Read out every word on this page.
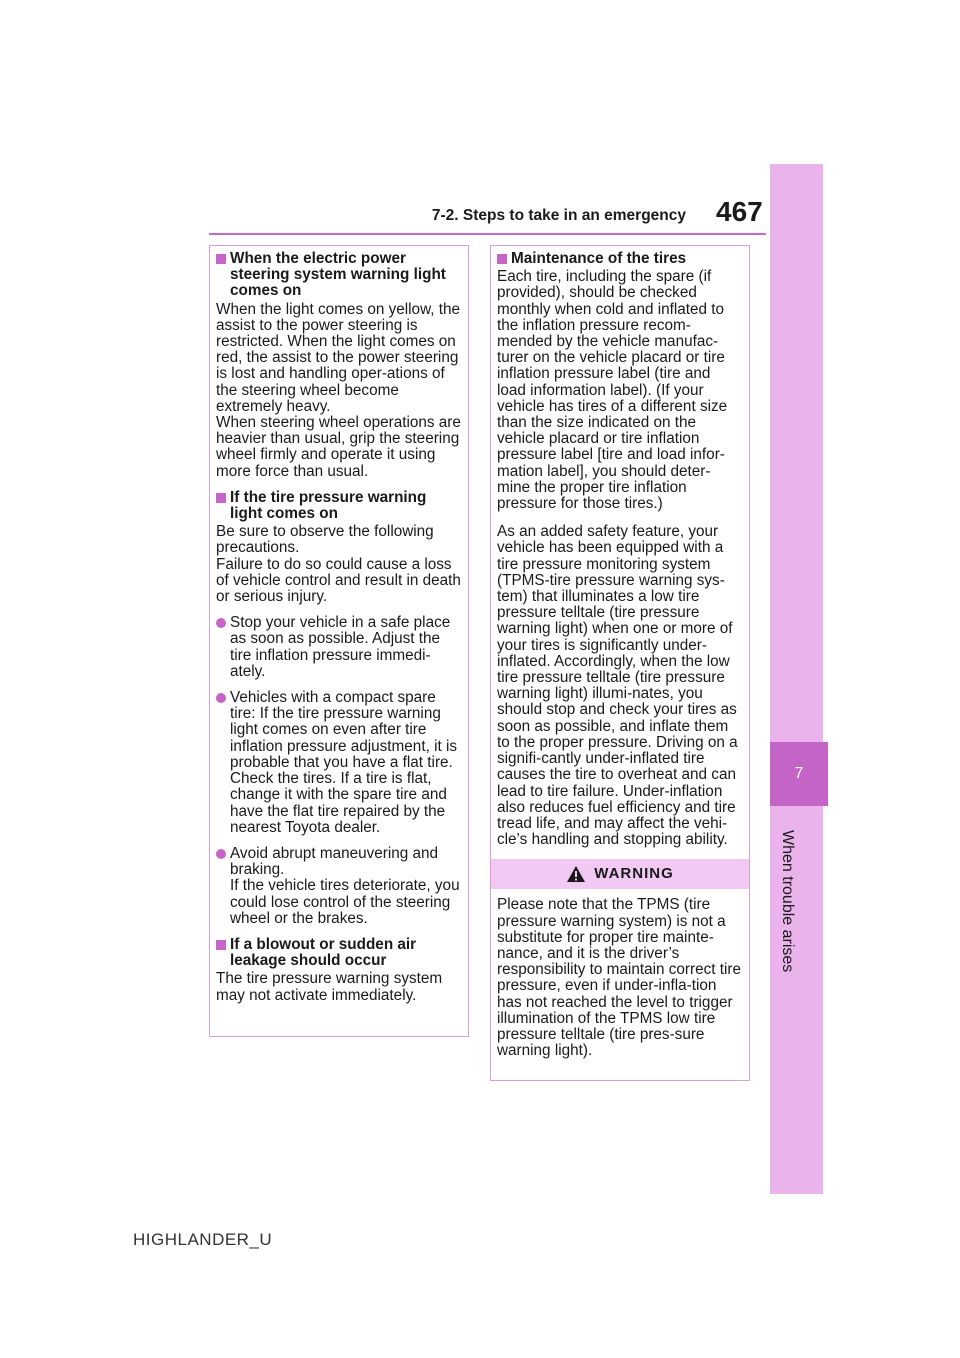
7-2. Steps to take in an emergency 467
7
When trouble arises
When the electric power steering system warning light comes on

When the light comes on yellow, the assist to the power steering is restricted. When the light comes on red, the assist to the power steering is lost and handling oper-ations of the steering wheel become extremely heavy.

When steering wheel operations are heavier than usual, grip the steering wheel firmly and operate it using more force than usual.

If the tire pressure warning light comes on

Be sure to observe the following precautions.

Failure to do so could cause a loss of vehicle control and result in death or serious injury.

Stop your vehicle in a safe place as soon as possible. Adjust the tire inflation pressure immedi-ately.
Vehicles with a compact spare tire: If the tire pressure warning light comes on even after tire inflation pressure adjustment, it is probable that you have a flat tire. Check the tires. If a tire is flat, change it with the spare tire and have the flat tire repaired by the nearest Toyota dealer.
Avoid abrupt maneuvering and braking.
If the vehicle tires deteriorate, you could lose control of the steering wheel or the brakes.
If a blowout or sudden air leakage should occur

The tire pressure warning system may not activate immediately.

Maintenance of the tires

Each tire, including the spare (if provided), should be checked monthly when cold and inflated to the inflation pressure recom-mended by the vehicle manufac-turer on the vehicle placard or tire inflation pressure label (tire and load information label). (If your vehicle has tires of a different size than the size indicated on the vehicle placard or tire inflation pressure label [tire and load infor-mation label], you should deter-mine the proper tire inflation pressure for those tires.)

As an added safety feature, your vehicle has been equipped with a tire pressure monitoring system (TPMS-tire pressure warning sys-tem) that illuminates a low tire pressure telltale (tire pressure warning light) when one or more of your tires is significantly under-inflated. Accordingly, when the low tire pressure telltale (tire pressure warning light) illumi-nates, you should stop and check your tires as soon as possible, and inflate them to the proper pressure. Driving on a signifi-cantly under-inflated tire causes the tire to overheat and can lead to tire failure. Under-inflation also reduces fuel efficiency and tire tread life, and may affect the vehi-cle’s handling and stopping ability.

WARNING
Please note that the TPMS (tire pressure warning system) is not a substitute for proper tire mainte-nance, and it is the driver’s responsibility to maintain correct tire pressure, even if under-infla-tion has not reached the level to trigger illumination of the TPMS low tire pressure telltale (tire pres-sure warning light).
HIGHLANDER_U
